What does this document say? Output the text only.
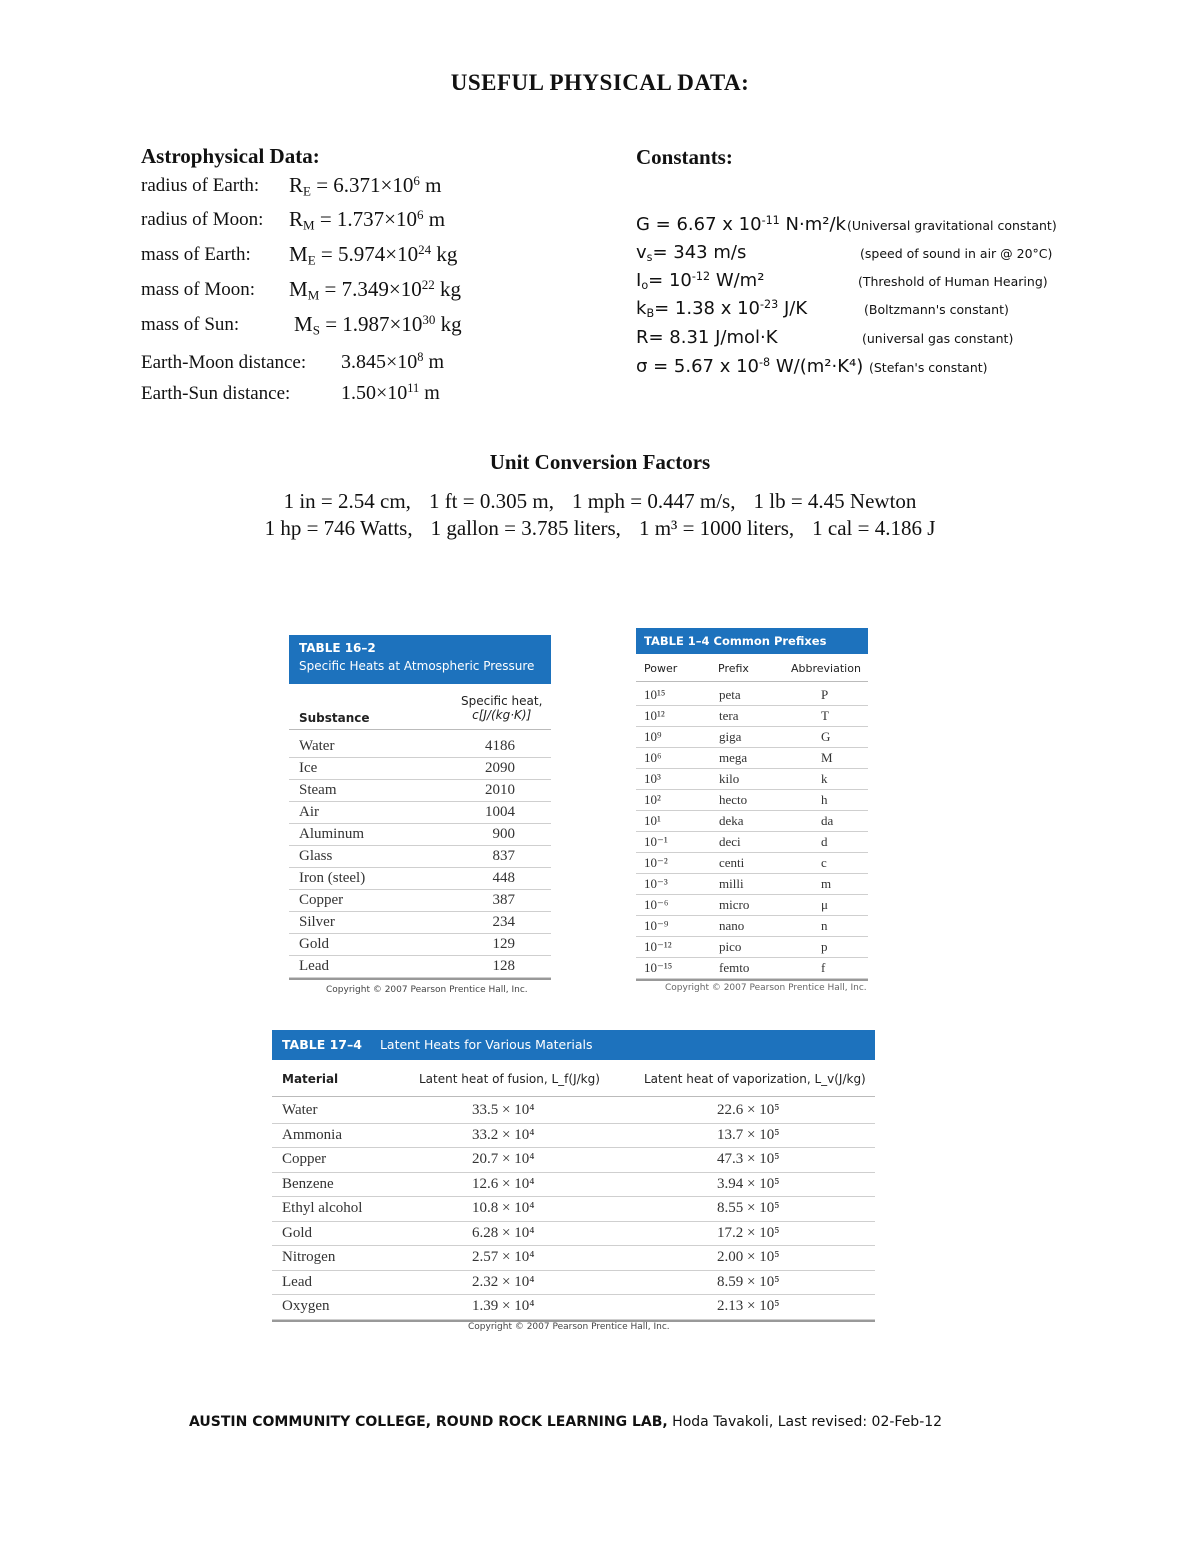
USEFUL PHYSICAL DATA:
Astrophysical Data:
radius of Earth: $R_E = 6.371\times 10^6$ m
radius of Moon: $R_M = 1.737\times 10^6$ m
mass of Earth: $M_E = 5.974\times 10^{24}$ kg
mass of Moon: $M_M = 7.349\times 10^{22}$ kg
mass of Sun:	$M_S = 1.987\times 10^{30}$ kg
Earth-Moon distance: $3.845\times 10^8$ m
Earth-Sun distance:	$1.50\times 10^{11}$ m
Constants:
G = 6.67 x $10^{-11}$ N·m²/k (Universal gravitational constant)
$v_s= 343$ m/s	(speed of sound in air @ 20°C)
$I_o= 10^{-12}$ W/m²	(Threshold of Human Hearing)
$k_B= 1.38$ x $10^{-23}$ J/K	(Boltzmann's constant)
R= 8.31 J/mol·K	(universal gas constant)
σ = 5.67 x $10^{-8}$ W/(m²·K⁴) (Stefan's constant)
Unit Conversion Factors
1 in = 2.54 cm, 1 ft = 0.305 m, 1 mph = 0.447 m/s, 1 lb = 4.45 Newton
1 hp = 746 Watts, 1 gallon = 3.785 liters, 1 m³ = 1000 liters, 1 cal = 4.186 J
TABLE 16–2
Specific Heats at Atmospheric Pressure
Substance
Specific heat,
c[J/(kg·K)]
Water	4186
Ice	2090
Steam	2010
Air	1004
Aluminum	900
Glass	837
Iron (steel)	448
Copper	387
Silver	234
Gold	129
Lead	128
Copyright © 2007 Pearson Prentice Hall, Inc.
TABLE 1–4 Common Prefixes
Power	Prefix	Abbreviation
10¹⁵	peta	P
10¹²	tera	T
10⁹	giga	G
10⁶	mega	M
10³	kilo	k
10²	hecto	h
10¹	deka	da
10⁻¹	deci	d
10⁻²	centi	c
10⁻³	milli	m
10⁻⁶	micro	μ
10⁻⁹	nano	n
10⁻¹²	pico	p
10⁻¹⁵	femto	f
Copyright © 2007 Pearson Prentice Hall, Inc.
TABLE 17–4 Latent Heats for Various Materials
Material	Latent heat of fusion, L_f(J/kg)	Latent heat of vaporization, L_v(J/kg)
Water	33.5 × 10⁴	22.6 × 10⁵
Ammonia	33.2 × 10⁴	13.7 × 10⁵
Copper	20.7 × 10⁴	47.3 × 10⁵
Benzene	12.6 × 10⁴	3.94 × 10⁵
Ethyl alcohol	10.8 × 10⁴	8.55 × 10⁵
Gold	6.28 × 10⁴	17.2 × 10⁵
Nitrogen	2.57 × 10⁴	2.00 × 10⁵
Lead	2.32 × 10⁴	8.59 × 10⁵
Oxygen	1.39 × 10⁴	2.13 × 10⁵
Copyright © 2007 Pearson Prentice Hall, Inc.
AUSTIN COMMUNITY COLLEGE, ROUND ROCK LEARNING LAB, Hoda Tavakoli, Last revised: 02-Feb-12
